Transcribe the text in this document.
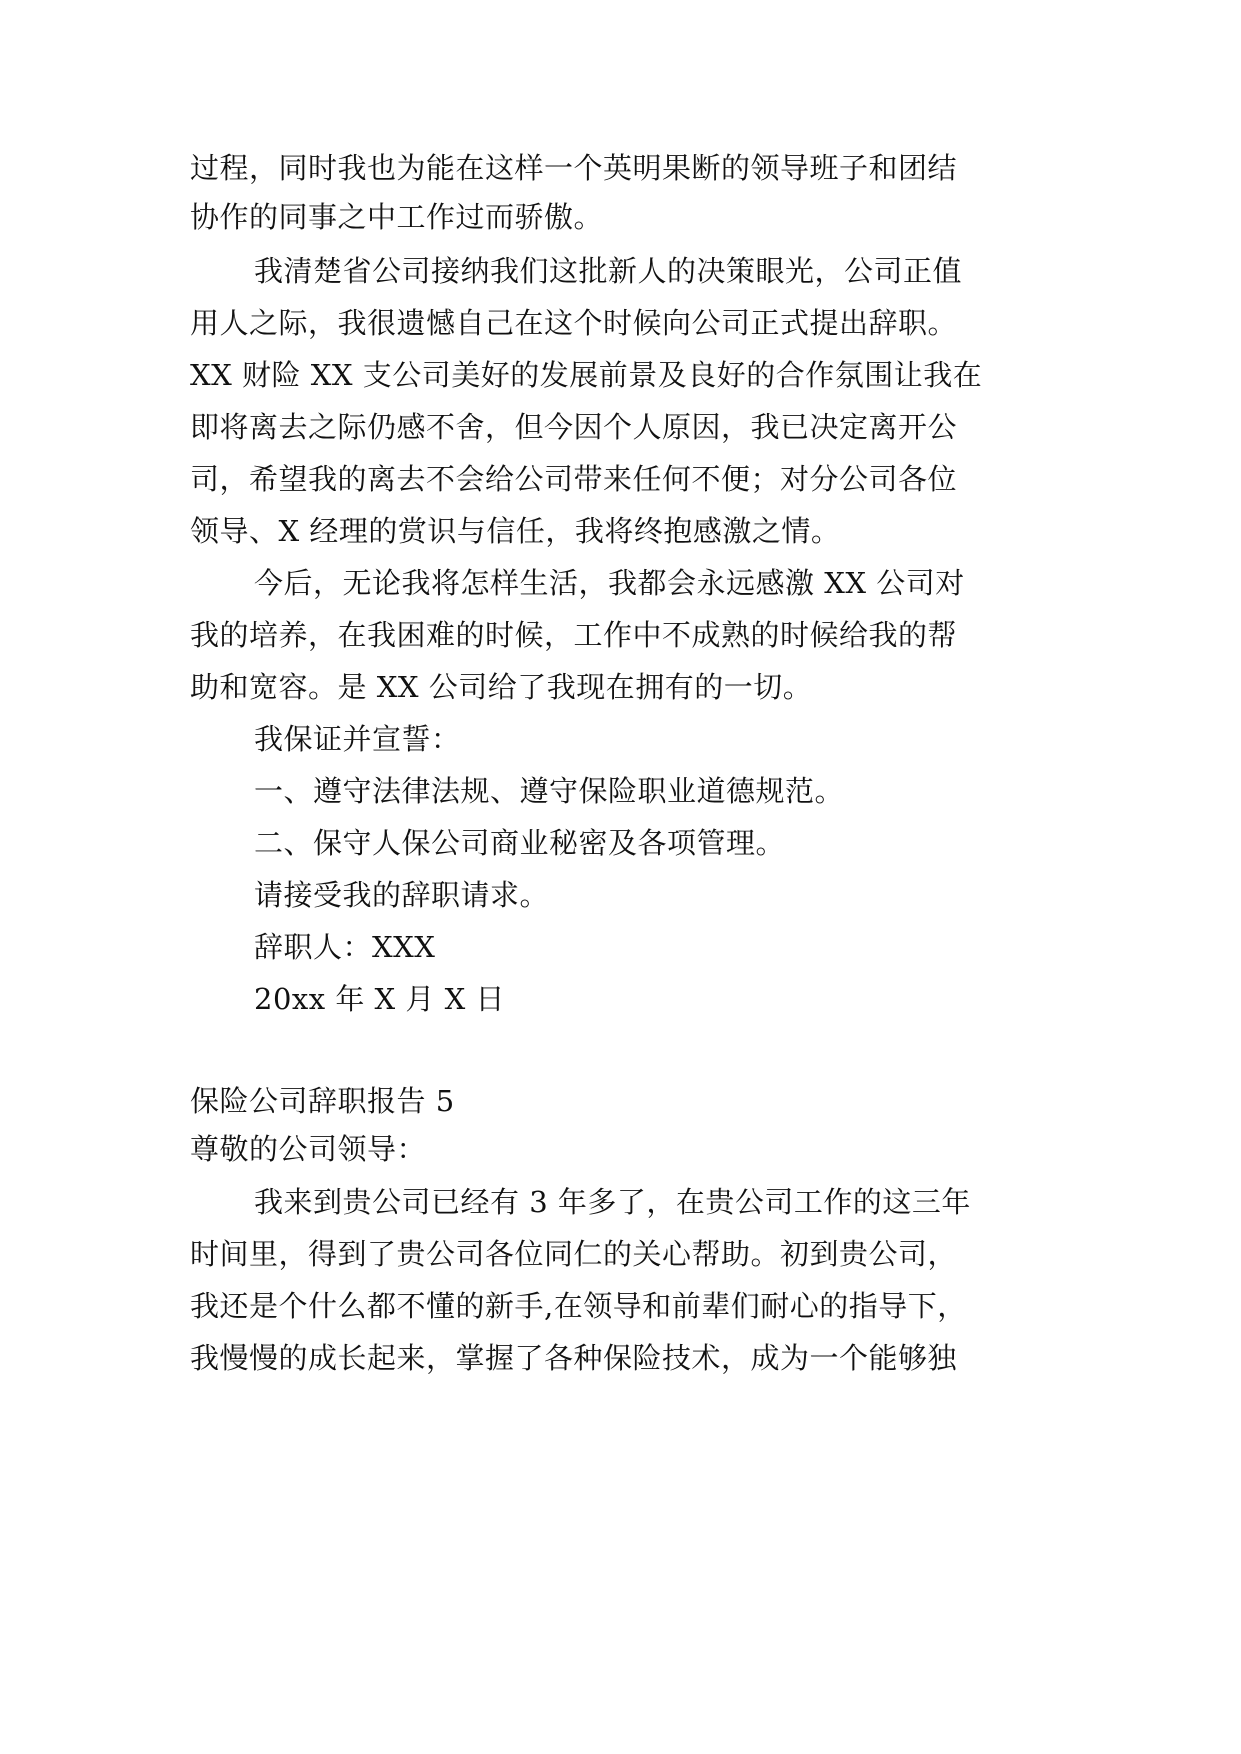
过程，同时我也为能在这样一个英明果断的领导班子和团结
协作的同事之中工作过而骄傲。
我清楚省公司接纳我们这批新人的决策眼光，公司正值
用人之际，我很遗憾自己在这个时候向公司正式提出辞职。
XX 财险 XX 支公司美好的发展前景及良好的合作氛围让我在
即将离去之际仍感不舍，但今因个人原因，我已决定离开公
司，希望我的离去不会给公司带来任何不便；对分公司各位
领导、X 经理的赏识与信任，我将终抱感激之情。
今后，无论我将怎样生活，我都会永远感激 XX 公司对
我的培养，在我困难的时候，工作中不成熟的时候给我的帮
助和宽容。是 XX 公司给了我现在拥有的一切。
我保证并宣誓：
一、遵守法律法规、遵守保险职业道德规范。
二、保守人保公司商业秘密及各项管理。
请接受我的辞职请求。
辞职人：XXX
20xx 年 X 月 X 日
保险公司辞职报告 5
尊敬的公司领导：
我来到贵公司已经有 3 年多了，在贵公司工作的这三年
时间里，得到了贵公司各位同仁的关心帮助。初到贵公司，
我还是个什么都不懂的新手,在领导和前辈们耐心的指导下，
我慢慢的成长起来，掌握了各种保险技术，成为一个能够独
